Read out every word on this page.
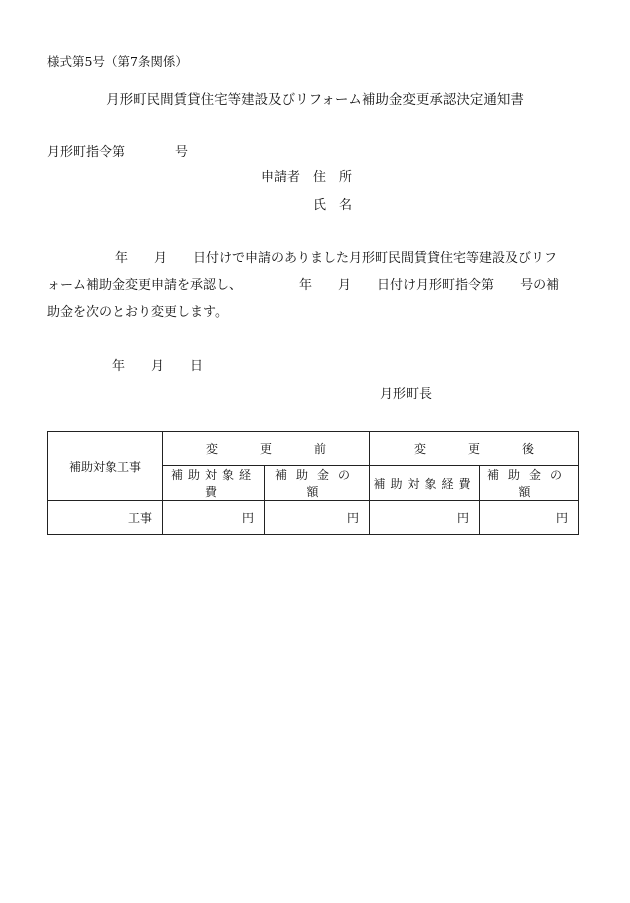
様式第5号（第7条関係）
月形町民間賃貸住宅等建設及びリフォーム補助金変更承認決定通知書
月形町指令第	号
申請者 住　所
氏　名
年 月 日付けで申請のありました月形町民間賃貸住宅等建設及びリフ
ォーム補助金変更申請を承認し、	年 月 日付け月形町指令第 号の補
助金を次のとおり変更します。
年 月 日
月形町長
補助対象工事	変更前		変更後	
	補助対象経費	補助金の額	補助対象経費	補助金の額
工事	円	円	円	円
